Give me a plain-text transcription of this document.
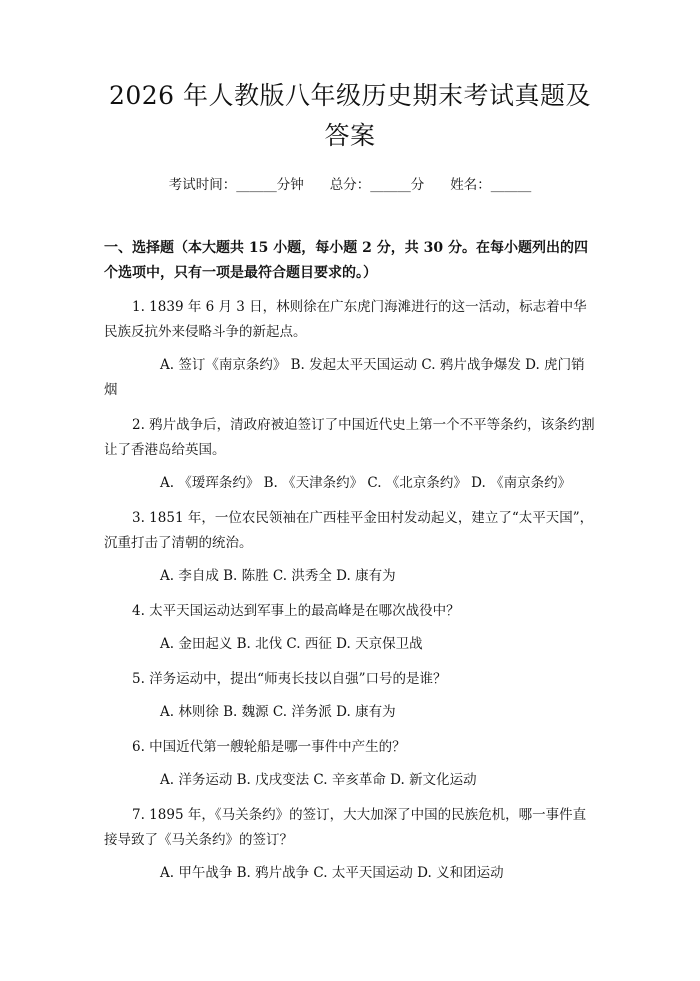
2026 年人教版八年级历史期末考试真题及答案
考试时间：______分钟 总分：______分 姓名：______
一、选择题（本大题共 15 小题，每小题 2 分，共 30 分。在每小题列出的四个选项中，只有一项是最符合题目要求的。）
1. 1839 年 6 月 3 日，林则徐在广东虎门海滩进行的这一活动，标志着中华民族反抗外来侵略斗争的新起点。
A. 签订《南京条约》 B. 发起太平天国运动 C. 鸦片战争爆发 D. 虎门销烟
2. 鸦片战争后，清政府被迫签订了中国近代史上第一个不平等条约，该条约割让了香港岛给英国。
A. 《瑷珲条约》 B. 《天津条约》 C. 《北京条约》 D. 《南京条约》
3. 1851 年，一位农民领袖在广西桂平金田村发动起义，建立了“太平天国”，沉重打击了清朝的统治。
A. 李自成 B. 陈胜 C. 洪秀全 D. 康有为
4. 太平天国运动达到军事上的最高峰是在哪次战役中？
A. 金田起义 B. 北伐 C. 西征 D. 天京保卫战
5. 洋务运动中，提出“师夷长技以自强”口号的是谁？
A. 林则徐 B. 魏源 C. 洋务派 D. 康有为
6. 中国近代第一艘轮船是哪一事件中产生的？
A. 洋务运动 B. 戊戌变法 C. 辛亥革命 D. 新文化运动
7. 1895 年，《马关条约》的签订，大大加深了中国的民族危机，哪一事件直接导致了《马关条约》的签订？
A. 甲午战争 B. 鸦片战争 C. 太平天国运动 D. 义和团运动
